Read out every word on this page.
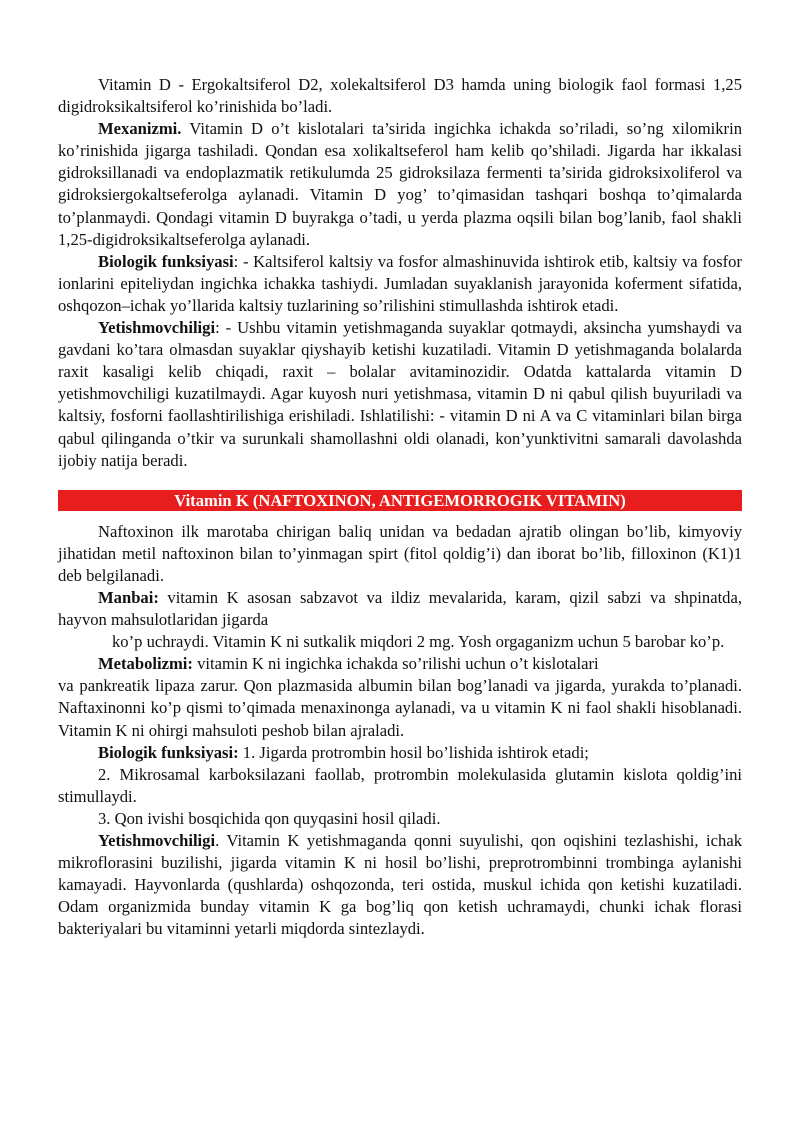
Vitamin D - Ergokaltsiferol D2, xolekaltsiferol D3 hamda uning biologik faol formasi 1,25 digidroksikaltsiferol ko’rinishida bo’ladi.

Mexanizmi. Vitamin D o’t kislotalari ta’sirida ingichka ichakda so’riladi, so’ng xilomikrin ko’rinishida jigarga tashiladi. Qondan esa xolikaltseferol ham kelib qo’shiladi. Jigarda har ikkalasi gidroksillanadi va endoplazmatik retikulumda 25 gidroksilaza fermenti ta’sirida gidroksixoliferol va gidroksiergokaltseferolga aylanadi. Vitamin D yog’ to’qimasidan tashqari boshqa to’qimalarda to’planmaydi. Qondagi vitamin D buyrakga o’tadi, u yerda plazma oqsili bilan bog’lanib, faol shakli 1,25-digidroksikaltseferolga aylanadi.

Biologik funksiyasi: - Kaltsiferol kaltsiy va fosfor almashinuvida ishtirok etib, kaltsiy va fosfor ionlarini epiteliydan ingichka ichakka tashiydi. Jumladan suyaklanish jarayonida koferment sifatida, oshqozon–ichak yo’llarida kaltsiy tuzlarining so’rilishini stimullashda ishtirok etadi.

Yetishmovchiligi: - Ushbu vitamin yetishmaganda suyaklar qotmaydi, aksincha yumshaydi va gavdani ko’tara olmasdan suyaklar qiyshayib ketishi kuzatiladi. Vitamin D yetishmaganda bolalarda raxit kasaligi kelib chiqadi, raxit – bolalar avitaminozidir. Odatda kattalarda vitamin D yetishmovchiligi kuzatilmaydi. Agar kuyosh nuri yetishmasa, vitamin D ni qabul qilish buyuriladi va kaltsiy, fosforni faollashtirilishiga erishiladi. Ishlatilishi: - vitamin D ni A va C vitaminlari bilan birga qabul qilinganda o’tkir va surunkali shamollashni oldi olanadi, kon’yunktivitni samarali davolashda ijobiy natija beradi.

Vitamin K (NAFTOXINON, ANTIGEMORROGIK VITAMIN)

Naftoxinon ilk marotaba chirigan baliq unidan va bedadan ajratib olingan bo’lib, kimyoviy jihatidan metil naftoxinon bilan to’yinmagan spirt (fitol qoldig’i) dan iborat bo’lib, filloxinon (K1)1 deb belgilanadi.

Manbai: vitamin K asosan sabzavot va ildiz mevalarida, karam, qizil sabzi va shpinatda, hayvon mahsulotlaridan jigarda

ko’p uchraydi. Vitamin K ni sutkalik miqdori 2 mg. Yosh orgaganizm uchun 5 barobar ko’p.

Metabolizmi: vitamin K ni ingichka ichakda so’rilishi uchun o’t kislotalari

va pankreatik lipaza zarur. Qon plazmasida albumin bilan bog’lanadi va jigarda, yurakda to’planadi. Naftaxinonni ko’p qismi to’qimada menaxinonga aylanadi, va u vitamin K ni faol shakli hisoblanadi. Vitamin K ni ohirgi mahsuloti peshob bilan ajraladi.

Biologik funksiyasi: 1. Jigarda protrombin hosil bo’lishida ishtirok etadi;

2. Mikrosamal karboksilazani faollab, protrombin molekulasida glutamin kislota qoldig’ini stimullaydi.

3. Qon ivishi bosqichida qon quyqasini hosil qiladi.

Yetishmovchiligi. Vitamin K yetishmaganda qonni suyulishi, qon oqishini tezlashishi, ichak mikroflorasini buzilishi, jigarda vitamin K ni hosil bo’lishi, preprotrombinni trombinga aylanishi kamayadi. Hayvonlarda (qushlarda) oshqozonda, teri ostida, muskul ichida qon ketishi kuzatiladi. Odam organizmida bunday vitamin K ga bog’liq qon ketish uchramaydi, chunki ichak florasi bakteriyalari bu vitaminni yetarli miqdorda sintezlaydi.
